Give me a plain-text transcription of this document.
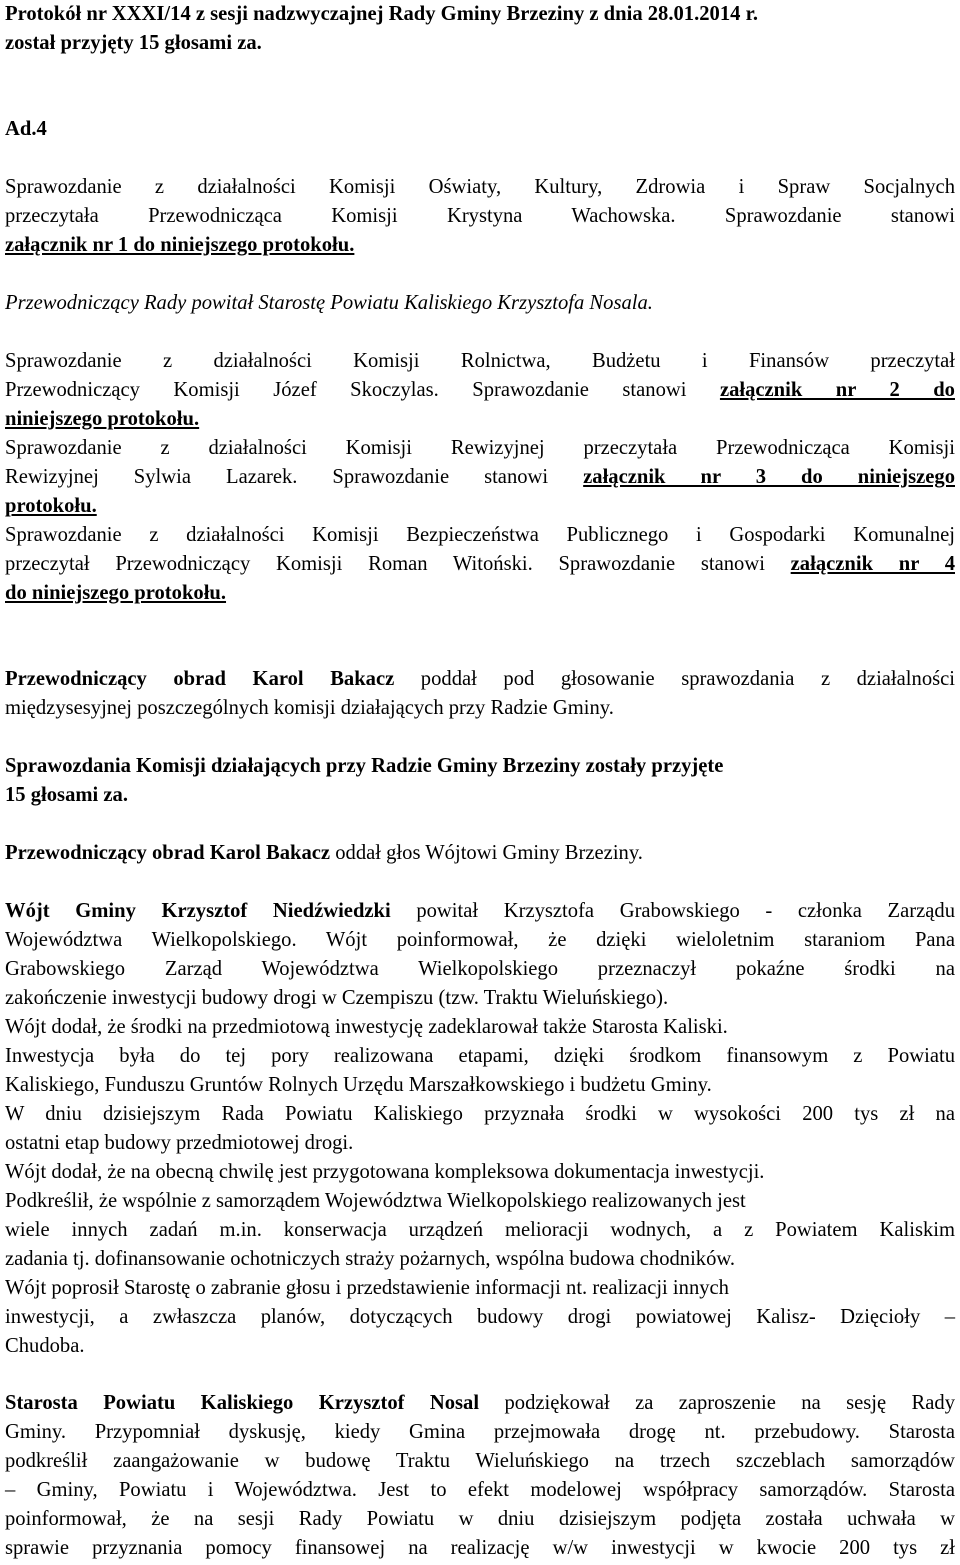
Protokół nr XXXI/14 z sesji nadzwyczajnej Rady Gminy Brzeziny z dnia 28.01.2014 r.
został przyjęty 15 głosami za.
Ad.4
Sprawozdanie z działalności Komisji Oświaty, Kultury, Zdrowia i Spraw Socjalnych
przeczytała Przewodnicząca Komisji Krystyna Wachowska. Sprawozdanie stanowi
załącznik nr 1 do niniejszego protokołu.
Przewodniczący Rady powitał Starostę Powiatu Kaliskiego Krzysztofa Nosala.
Sprawozdanie z działalności Komisji Rolnictwa, Budżetu i Finansów przeczytał
Przewodniczący Komisji Józef Skoczylas. Sprawozdanie stanowi załącznik nr 2 do
niniejszego protokołu.
Sprawozdanie z działalności Komisji Rewizyjnej przeczytała Przewodnicząca Komisji
Rewizyjnej Sylwia Lazarek. Sprawozdanie stanowi załącznik nr 3 do niniejszego
protokołu.
Sprawozdanie z działalności Komisji Bezpieczeństwa Publicznego i Gospodarki Komunalnej
przeczytał Przewodniczący Komisji Roman Witoński. Sprawozdanie stanowi załącznik nr 4
do niniejszego protokołu.
Przewodniczący obrad Karol Bakacz poddał pod głosowanie sprawozdania z działalności
międzysesyjnej poszczególnych komisji działających przy Radzie Gminy.
Sprawozdania Komisji działających przy Radzie Gminy Brzeziny zostały przyjęte
15 głosami za.
Przewodniczący obrad Karol Bakacz oddał głos Wójtowi Gminy Brzeziny.
Wójt Gminy Krzysztof Niedźwiedzki powitał Krzysztofa Grabowskiego - członka Zarządu
Województwa Wielkopolskiego. Wójt poinformował, że dzięki wieloletnim staraniom Pana
Grabowskiego Zarząd Województwa Wielkopolskiego przeznaczył pokaźne środki na
zakończenie inwestycji budowy drogi w Czempiszu (tzw. Traktu Wieluńskiego).
Wójt dodał, że środki na przedmiotową inwestycję zadeklarował także Starosta Kaliski.
Inwestycja była do tej pory realizowana etapami, dzięki środkom finansowym z Powiatu
Kaliskiego, Funduszu Gruntów Rolnych Urzędu Marszałkowskiego i budżetu Gminy.
W dniu dzisiejszym Rada Powiatu Kaliskiego przyznała środki w wysokości 200 tys zł na
ostatni etap budowy przedmiotowej drogi.
Wójt dodał, że na obecną chwilę jest przygotowana kompleksowa dokumentacja inwestycji.
Podkreślił, że wspólnie z samorządem Województwa Wielkopolskiego realizowanych jest
wiele innych zadań m.in. konserwacja urządzeń melioracji wodnych, a z Powiatem Kaliskim
zadania tj. dofinansowanie ochotniczych straży pożarnych, wspólna budowa chodników.
Wójt poprosił Starostę o zabranie głosu i przedstawienie informacji nt. realizacji innych
inwestycji, a zwłaszcza planów, dotyczących budowy drogi powiatowej Kalisz- Dzięcioły –
Chudoba.
Starosta Powiatu Kaliskiego Krzysztof Nosal podziękował za zaproszenie na sesję Rady
Gminy. Przypomniał dyskusję, kiedy Gmina przejmowała drogę nt. przebudowy. Starosta
podkreślił zaangażowanie w budowę Traktu Wieluńskiego na trzech szczeblach samorządów
– Gminy, Powiatu i Województwa. Jest to efekt modelowej współpracy samorządów. Starosta
poinformował, że na sesji Rady Powiatu w dniu dzisiejszym podjęta została uchwała w
sprawie przyznania pomocy finansowej na realizację w/w inwestycji w kwocie 200 tys zł
